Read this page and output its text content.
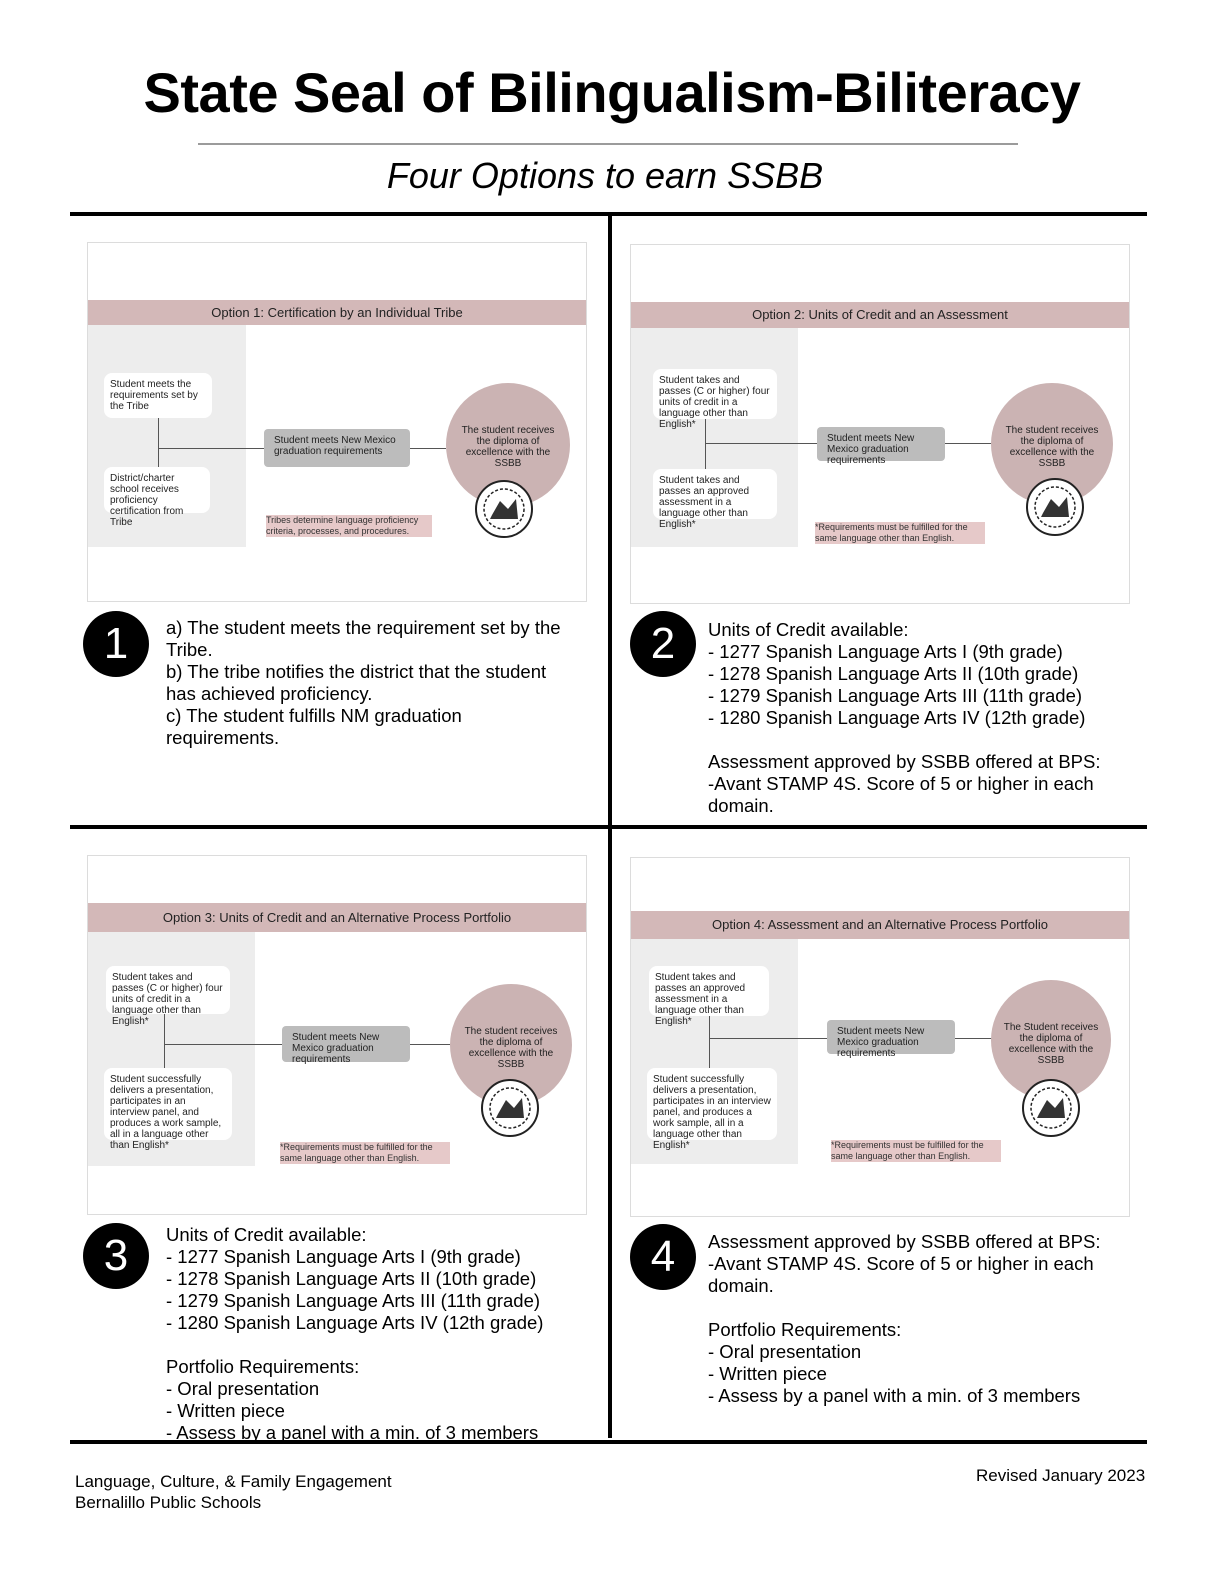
State Seal of Bilingualism-Biliteracy
Four Options to earn SSBB
Option 1: Certification by an Individual Tribe
Student meets the requirements set by the Tribe
District/charter school receives proficiency certification from Tribe
Student meets New Mexico graduation requirements
The student receives the diploma of excellence with the SSBB
Tribes determine language proficiency criteria, processes, and procedures.
1	a) The student meets the requirement set by the
Tribe.
b) The tribe notifies the district that the student
has achieved proficiency.
c) The student fulfills NM graduation
requirements.
Option 2: Units of Credit and an Assessment
Student takes and passes (C or higher) four units of credit in a language other than English*
Student takes and passes an approved assessment in a language other than English*
Student meets New Mexico graduation requirements
The student receives the diploma of excellence with the SSBB
*Requirements must be fulfilled for the same language other than English.
2	Units of Credit available:
- 1277 Spanish Language Arts I (9th grade)
- 1278 Spanish Language Arts II (10th grade)
- 1279 Spanish Language Arts III (11th grade)
- 1280 Spanish Language Arts IV (12th grade)

Assessment approved by SSBB offered at BPS:
-Avant STAMP 4S. Score of 5 or higher in each
domain.
Option 3: Units of Credit and an Alternative Process Portfolio
Student takes and passes (C or higher) four units of credit in a language other than English*
Student successfully delivers a presentation, participates in an interview panel, and produces a work sample, all in a language other than English*
Student meets New Mexico graduation requirements
The student receives the diploma of excellence with the SSBB
*Requirements must be fulfilled for the same language other than English.
3	Units of Credit available:
- 1277 Spanish Language Arts I (9th grade)
- 1278 Spanish Language Arts II (10th grade)
- 1279 Spanish Language Arts III (11th grade)
- 1280 Spanish Language Arts IV (12th grade)

Portfolio Requirements:
- Oral presentation
- Written piece
- Assess by a panel with a min. of 3 members
Option 4: Assessment and an Alternative Process Portfolio
Student takes and passes an approved assessment in a language other than English*
Student successfully delivers a presentation, participates in an interview panel, and produces a work sample, all in a language other than English*
Student meets New Mexico graduation requirements
The Student receives the diploma of excellence with the SSBB
*Requirements must be fulfilled for the same language other than English.
4	Assessment approved by SSBB offered at BPS:
-Avant STAMP 4S. Score of 5 or higher in each
domain.

Portfolio Requirements:
- Oral presentation
- Written piece
- Assess by a panel with a min. of 3 members
Language, Culture, & Family Engagement
Bernalillo Public Schools
Revised January 2023
